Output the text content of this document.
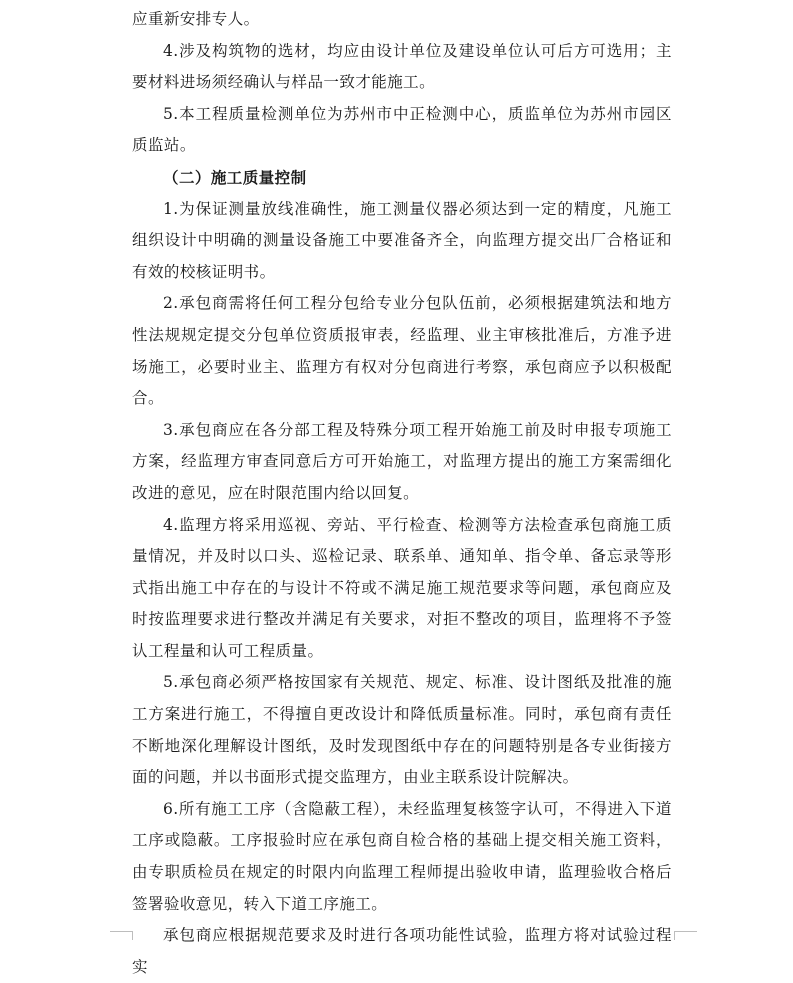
应重新安排专人。

4.涉及构筑物的选材，均应由设计单位及建设单位认可后方可选用；主要材料进场须经确认与样品一致才能施工。

5.本工程质量检测单位为苏州市中正检测中心，质监单位为苏州市园区质监站。

（二）施工质量控制

1.为保证测量放线准确性，施工测量仪器必须达到一定的精度，凡施工组织设计中明确的测量设备施工中要准备齐全，向监理方提交出厂合格证和有效的校核证明书。

2.承包商需将任何工程分包给专业分包队伍前，必须根据建筑法和地方性法规规定提交分包单位资质报审表，经监理、业主审核批准后，方准予进场施工，必要时业主、监理方有权对分包商进行考察，承包商应予以积极配合。

3.承包商应在各分部工程及特殊分项工程开始施工前及时申报专项施工方案，经监理方审查同意后方可开始施工，对监理方提出的施工方案需细化改进的意见，应在时限范围内给以回复。

4.监理方将采用巡视、旁站、平行检查、检测等方法检查承包商施工质量情况，并及时以口头、巡检记录、联系单、通知单、指令单、备忘录等形式指出施工中存在的与设计不符或不满足施工规范要求等问题，承包商应及时按监理要求进行整改并满足有关要求，对拒不整改的项目，监理将不予签认工程量和认可工程质量。

5.承包商必须严格按国家有关规范、规定、标准、设计图纸及批准的施工方案进行施工，不得擅自更改设计和降低质量标准。同时，承包商有责任不断地深化理解设计图纸，及时发现图纸中存在的问题特别是各专业街接方面的问题，并以书面形式提交监理方，由业主联系设计院解决。

6.所有施工工序（含隐蔽工程），未经监理复核签字认可，不得进入下道工序或隐蔽。工序报验时应在承包商自检合格的基础上提交相关施工资料，由专职质检员在规定的时限内向监理工程师提出验收申请，监理验收合格后签署验收意见，转入下道工序施工。

承包商应根据规范要求及时进行各项功能性试验，监理方将对试验过程实
